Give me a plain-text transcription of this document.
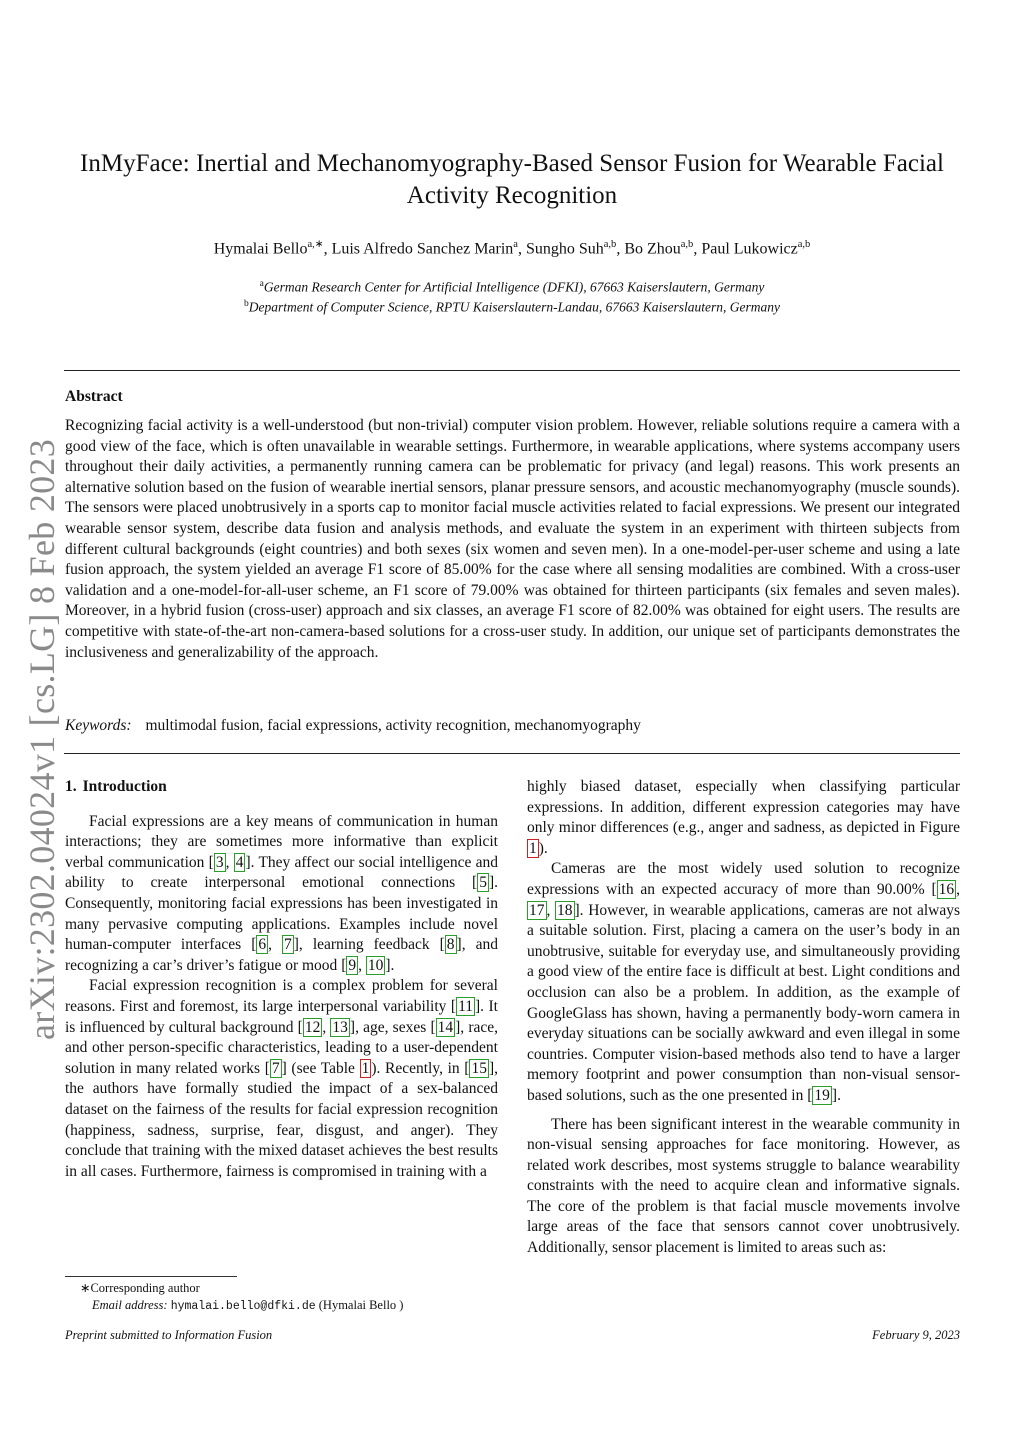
arXiv:2302.04024v1 [cs.LG] 8 Feb 2023
InMyFace: Inertial and Mechanomyography-Based Sensor Fusion for Wearable Facial Activity Recognition
Hymalai Bello$^{a,∗}$, Luis Alfredo Sanchez Marin$^a$, Sungho Suh$^{a,b}$, Bo Zhou$^{a,b}$, Paul Lukowicz$^{a,b}$
$^a$German Research Center for Artificial Intelligence (DFKI), 67663 Kaiserslautern, Germany
$^b$Department of Computer Science, RPTU Kaiserslautern-Landau, 67663 Kaiserslautern, Germany
Abstract
Recognizing facial activity is a well-understood (but non-trivial) computer vision problem. However, reliable solutions require a camera with a good view of the face, which is often unavailable in wearable settings. Furthermore, in wearable applications, where systems accompany users throughout their daily activities, a permanently running camera can be problematic for privacy (and legal) reasons. This work presents an alternative solution based on the fusion of wearable inertial sensors, planar pressure sensors, and acoustic mechanomyography (muscle sounds). The sensors were placed unobtrusively in a sports cap to monitor facial muscle activities related to facial expressions. We present our integrated wearable sensor system, describe data fusion and analysis methods, and evaluate the system in an experiment with thirteen subjects from different cultural backgrounds (eight countries) and both sexes (six women and seven men). In a one-model-per-user scheme and using a late fusion approach, the system yielded an average F1 score of 85.00% for the case where all sensing modalities are combined. With a cross-user validation and a one-model-for-all-user scheme, an F1 score of 79.00% was obtained for thirteen participants (six females and seven males). Moreover, in a hybrid fusion (cross-user) approach and six classes, an average F1 score of 82.00% was obtained for eight users. The results are competitive with state-of-the-art non-camera-based solutions for a cross-user study. In addition, our unique set of participants demonstrates the inclusiveness and generalizability of the approach.
Keywords: multimodal fusion, facial expressions, activity recognition, mechanomyography
1. Introduction

Facial expressions are a key means of communication in human interactions; they are sometimes more informative than explicit verbal communication [ 3 , 4 ]. They affect our social intelligence and ability to create interpersonal emotional connections [ 5 ]. Consequently, monitoring facial expressions has been investigated in many pervasive computing applications. Examples include novel human-computer interfaces [ 6 , 7 ], learning feedback [ 8 ], and recognizing a car’s driver’s fatigue or mood [ 9 , 10 ].

Facial expression recognition is a complex problem for several reasons. First and foremost, its large interpersonal variability [ 11 ]. It is influenced by cultural background [ 12 , 13 ], age, sexes [ 14 ], race, and other person-specific characteristics, leading to a user-dependent solution in many related works [ 7 ] (see Table 1 ). Recently, in [ 15 ], the authors have formally studied the impact of a sex-balanced dataset on the fairness of the results for facial expression recognition (happiness, sadness, surprise, fear, disgust, and anger). They conclude that training with the mixed dataset achieves the best results in all cases. Furthermore, fairness is compromised in training with a

highly biased dataset, especially when classifying particular expressions. In addition, different expression categories may have only minor differences (e.g., anger and sadness, as depicted in Figure 1 ).

Cameras are the most widely used solution to recognize expressions with an expected accuracy of more than 90.00% [ 16 , 17 , 18 ]. However, in wearable applications, cameras are not always a suitable solution. First, placing a camera on the user’s body in an unobtrusive, suitable for everyday use, and simultaneously providing a good view of the entire face is difficult at best. Light conditions and occlusion can also be a problem. In addition, as the example of GoogleGlass has shown, having a permanently body-worn camera in everyday situations can be socially awkward and even illegal in some countries. Computer vision-based methods also tend to have a larger memory footprint and power consumption than non-visual sensor-based solutions, such as the one presented in [ 19 ].

There has been significant interest in the wearable community in non-visual sensing approaches for face monitoring. However, as related work describes, most systems struggle to balance wearability constraints with the need to acquire clean and informative signals. The core of the problem is that facial muscle movements involve large areas of the face that sensors cannot cover unobtrusively. Additionally, sensor placement is limited to areas such as:

∗Corresponding author
Email address: hymalai.bello@dfki.de (Hymalai Bello )
Preprint submitted to Information Fusion	February 9, 2023
